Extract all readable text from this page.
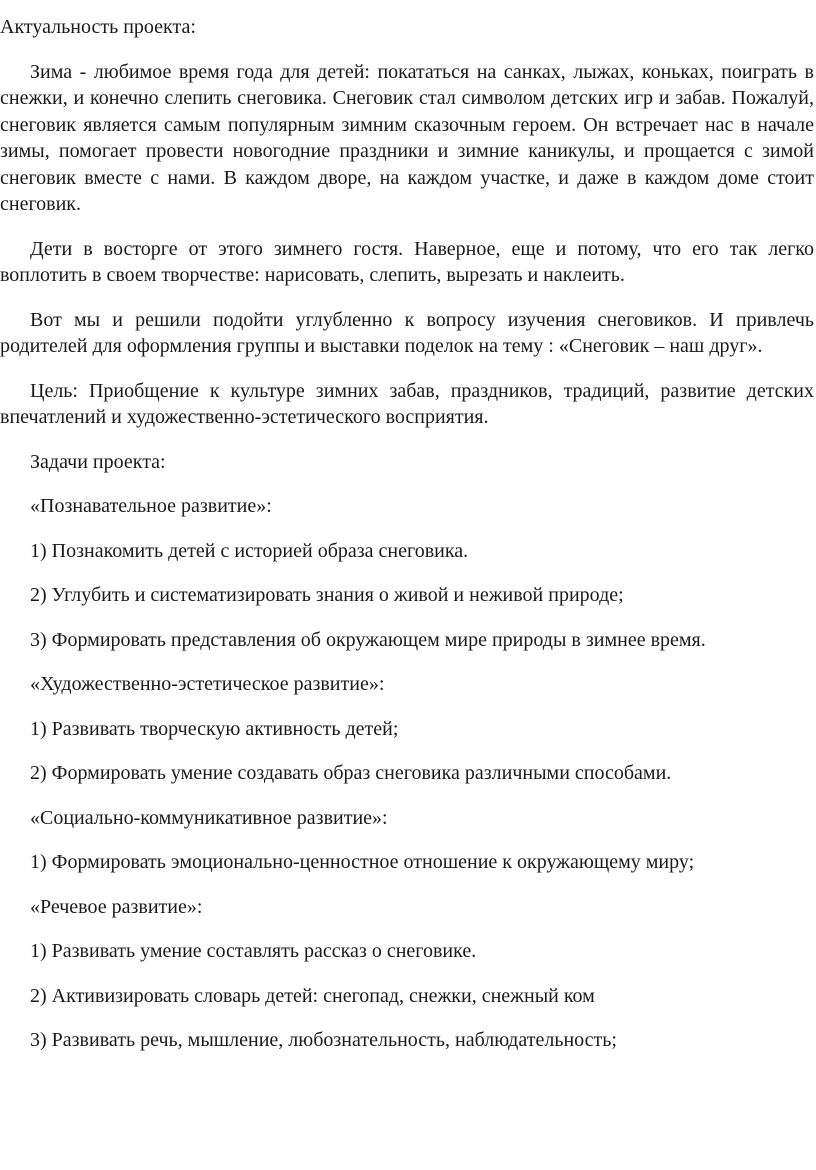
Актуальность проекта:

Зима - любимое время года для детей: покататься на санках, лыжах, коньках, поиграть в снежки, и конечно слепить снеговика. Снеговик стал символом детских игр и забав. Пожалуй, снеговик является самым популярным зимним сказочным героем. Он встречает нас в начале зимы, помогает провести новогодние праздники и зимние каникулы, и прощается с зимой снеговик вместе с нами. В каждом дворе, на каждом участке, и даже в каждом доме стоит снеговик.

Дети в восторге от этого зимнего гостя. Наверное, еще и потому, что его так легко воплотить в своем творчестве: нарисовать, слепить, вырезать и наклеить.

Вот мы и решили подойти углубленно к вопросу изучения снеговиков. И привлечь родителей для оформления группы и выставки поделок на тему : «Снеговик – наш друг».

Цель: Приобщение к культуре зимних забав, праздников, традиций, развитие детских впечатлений и художественно-эстетического восприятия.

Задачи проекта:

«Познавательное развитие»:

1) Познакомить детей с историей образа снеговика.

2) Углубить и систематизировать знания о живой и неживой природе;

3) Формировать представления об окружающем мире природы в зимнее время.

«Художественно-эстетическое развитие»:

1) Развивать творческую активность детей;

2) Формировать умение создавать образ снеговика различными способами.

«Социально-коммуникативное развитие»:

1) Формировать эмоционально-ценностное отношение к окружающему миру;

«Речевое развитие»:

1) Развивать умение составлять рассказ о снеговике.

2) Активизировать словарь детей: снегопад, снежки, снежный ком

3) Развивать речь, мышление, любознательность, наблюдательность;
